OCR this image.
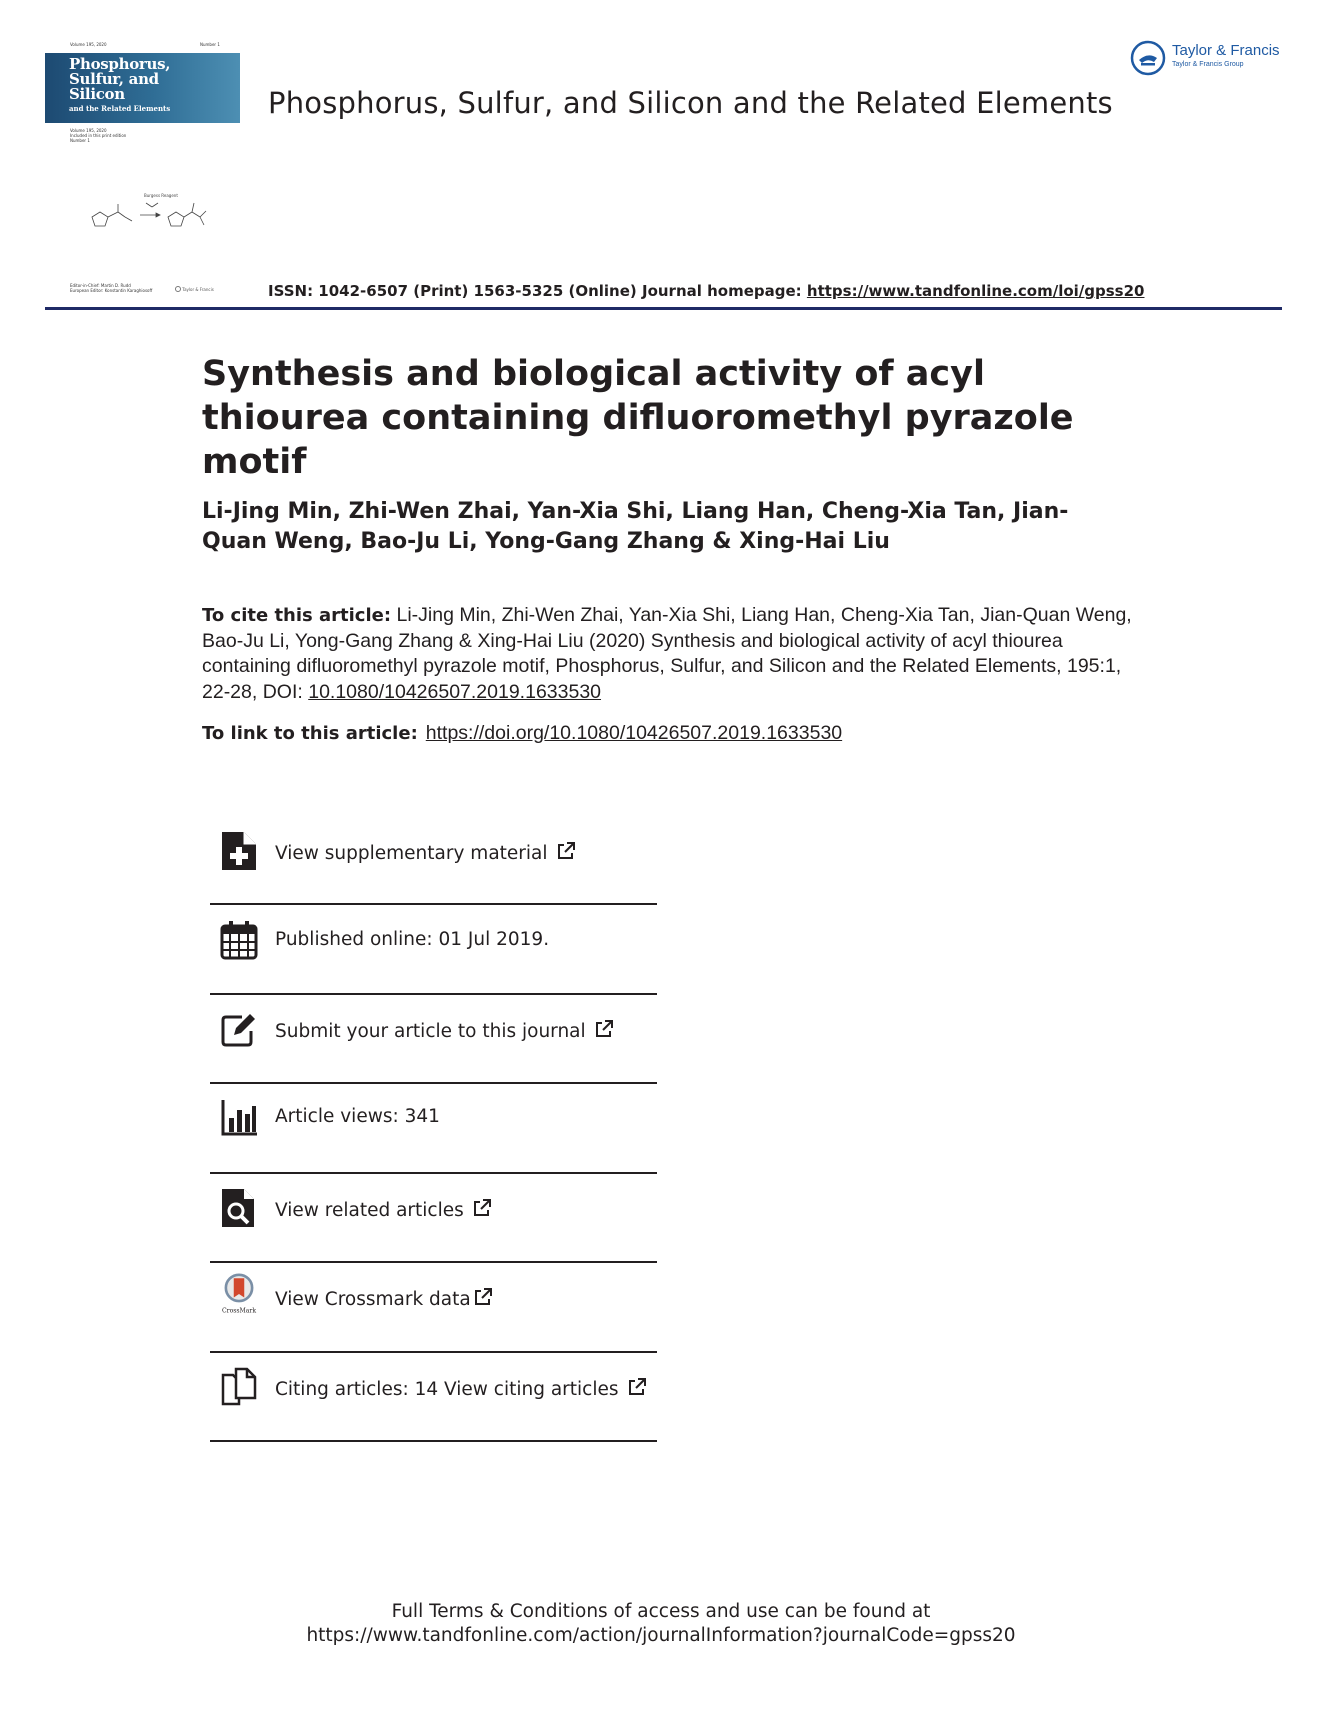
Volume 195, 2020	Number 1
Phosphorus,
Sulfur, and
Silicon
and the Related Elements
Volume 195, 2020
Included in this print edition
Number 1
Burgess Reagent
Editor-in-Chief: Martin D. Rudd
European Editor: Konstantin Karaghiosoff	Taylor & Francis
Taylor & Francis
Taylor & Francis Group
Phosphorus, Sulfur, and Silicon and the Related Elements
ISSN: 1042-6507 (Print) 1563-5325 (Online) Journal homepage: https://www.tandfonline.com/loi/gpss20
Synthesis and biological activity of acyl thiourea containing difluoromethyl pyrazole motif
Li-Jing Min, Zhi-Wen Zhai, Yan-Xia Shi, Liang Han, Cheng-Xia Tan, Jian-Quan Weng, Bao-Ju Li, Yong-Gang Zhang & Xing-Hai Liu
To cite this article: Li-Jing Min, Zhi-Wen Zhai, Yan-Xia Shi, Liang Han, Cheng-Xia Tan, Jian-Quan Weng, Bao-Ju Li, Yong-Gang Zhang & Xing-Hai Liu (2020) Synthesis and biological activity of acyl thiourea containing difluoromethyl pyrazole motif, Phosphorus, Sulfur, and Silicon and the Related Elements, 195:1, 22-28, DOI: 10.1080/10426507.2019.1633530
To link to this article: https://doi.org/10.1080/10426507.2019.1633530
View supplementary material
Published online: 01 Jul 2019.
Submit your article to this journal
Article views: 341
View related articles
CrossMark
View Crossmark data
Citing articles: 14 View citing articles
Full Terms & Conditions of access and use can be found at
https://www.tandfonline.com/action/journalInformation?journalCode=gpss20
